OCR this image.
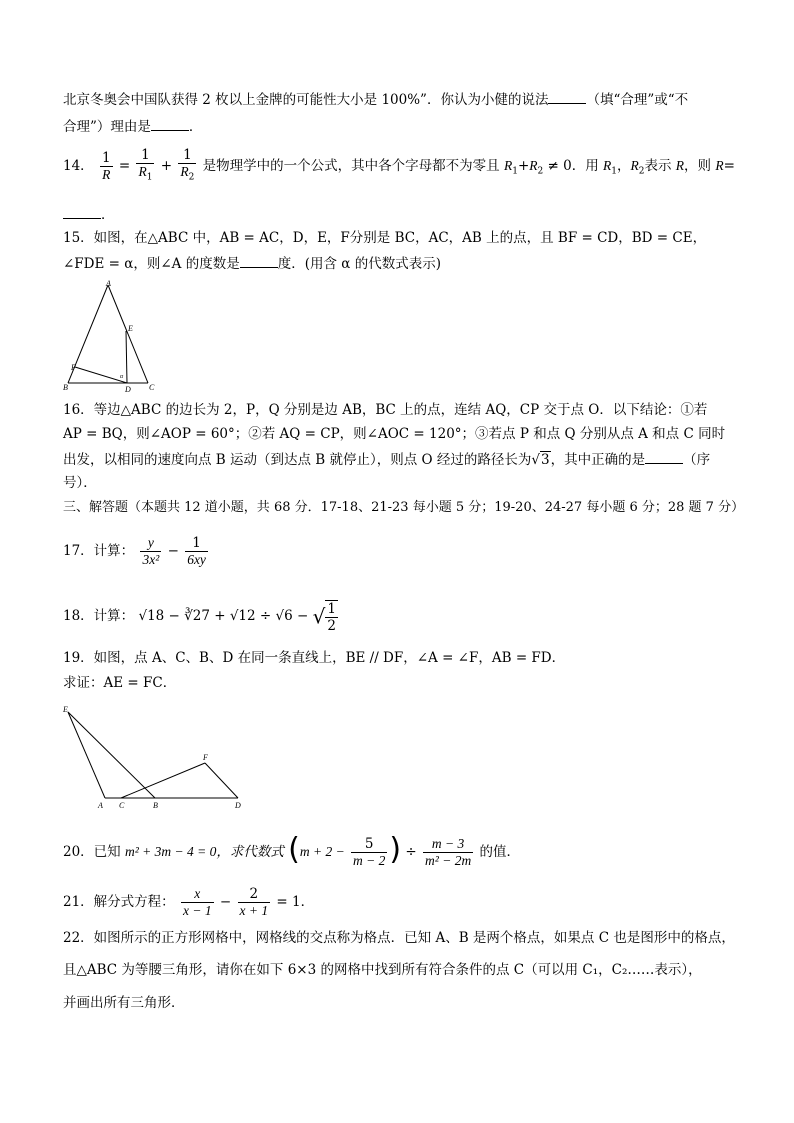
北京冬奥会中国队获得 2 枚以上金牌的可能性大小是 100%”．你认为小健的说法	（填“合理”或“不
合理”）理由是	．
14． $\frac{1}{R} = \frac{1}{R_1} + \frac{1}{R_2}$ 是物理学中的一个公式，其中各个字母都不为零且 $R_1+R_2 \ne 0$．用 $R_1$，$R_2$表示 R，则 R=
．
15．如图，在△ABC 中，AB = AC，D，E，F分别是 BC，AC，AB 上的点，且 BF = CD，BD = CE，
∠FDE = α，则∠A 的度数是	度．(用含 α 的代数式表示)
A
E
F
α
B	D C
16．等边△ABC 的边长为 2，P，Q 分别是边 AB，BC 上的点，连结 AQ，CP 交于点 O．以下结论：①若
AP = BQ，则∠AOP = 60°；②若 AQ = CP，则∠AOC = 120°；③若点 P 和点 Q 分别从点 A 和点 C 同时
出发，以相同的速度向点 B 运动（到达点 B 就停止），则点 O 经过的路径长为√3，其中正确的是	（序
号）．
三、解答题（本题共 12 道小题，共 68 分．17-18、21-23 每小题 5 分；19-20、24-27 每小题 6 分；28 题 7 分）
17．计算： $\frac{y}{\text{3x²}} - \frac{1}{6xy}$
18．计算： √18 − ∛27 + √12 ÷ √6 − √ $\frac{1}{2}$
19．如图，点 A、C、B、D 在同一条直线上，BE // DF，∠A = ∠F，AB = FD．
求证：AE = FC．
E
F
A C	B	D
20．已知 m² + 3m − 4 = 0，求代数式 ($m + 2 - \frac{5}{m - 2}$ ) ÷ $\frac{m - 3}{\text{m² − 2m}}$ 的值．
21．解分式方程： $\frac{x}{x - 1} - \frac{2}{x + 1} = 1$．
22．如图所示的正方形网格中，网格线的交点称为格点．已知 A、B 是两个格点，如果点 C 也是图形中的格点，
且△ABC 为等腰三角形，请你在如下 6×3 的网格中找到所有符合条件的点 C（可以用 C₁，C₂……表示），
并画出所有三角形．
